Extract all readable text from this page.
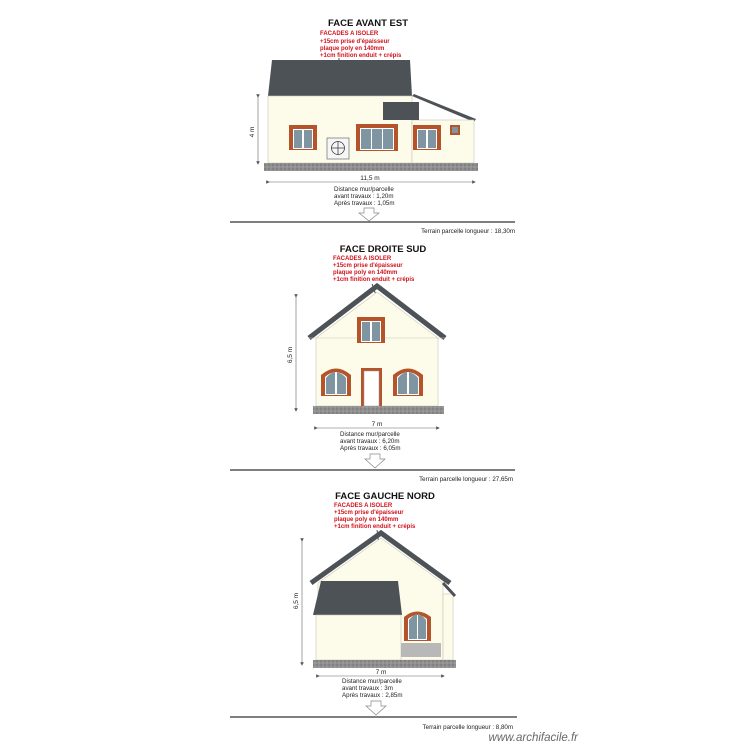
FACE AVANT EST
FACADES A ISOLER
+15cm prise d'épaisseur
plaque poly en 140mm
+1cm finition enduit + crépis
4 m
11,5 m
Distance mur/parcelle
avant travaux : 1,20m
Après travaux : 1,05m
Terrain parcelle longueur : 18,30m
FACE DROITE SUD
FACADES A ISOLER
+15cm prise d'épaisseur
plaque poly en 140mm
+1cm finition enduit + crépis
6,5 m
7 m
Distance mur/parcelle
avant travaux : 6,20m
Après travaux : 6,05m
Terrain parcelle longueur : 27,65m
FACE GAUCHE NORD
FACADES A ISOLER
+15cm prise d'épaisseur
plaque poly en 140mm
+1cm finition enduit + crépis
6,5 m
7 m
Distance mur/parcelle
avant travaux : 3m
Après travaux : 2,85m
Terrain parcelle longueur : 8,80m
www.archifacile.fr
